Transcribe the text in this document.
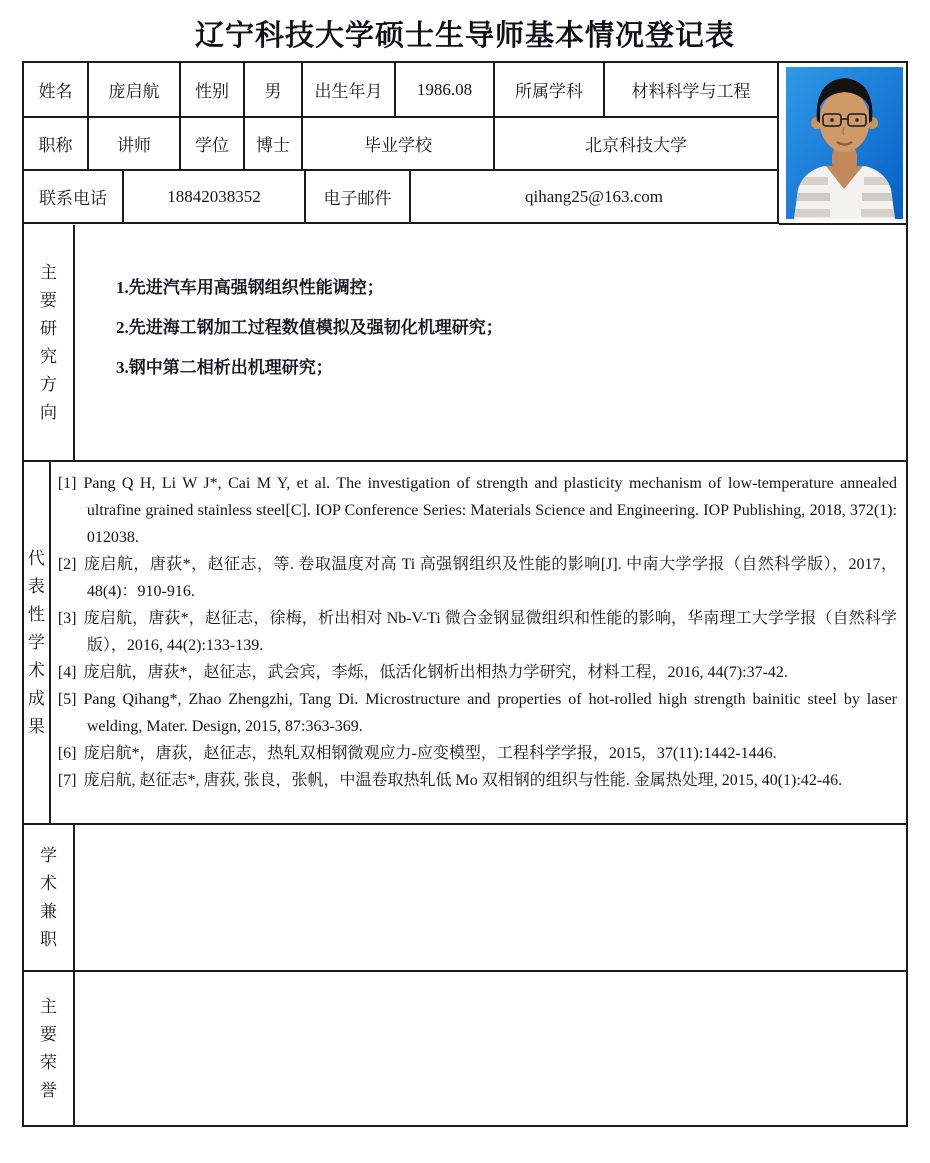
辽宁科技大学硕士生导师基本情况登记表
姓名	庞启航	性别	男	出生年月	1986.08	所属学科	材料科学与工程
职称	讲师	学位	博士	毕业学校	北京科技大学
联系电话	18842038352	电子邮件	qihang25@163.com
主要研究方向

1.先进汽车用高强钢组织性能调控；

2.先进海工钢加工过程数值模拟及强韧化机理研究；

3.钢中第二相析出机理研究；

代表性学术成果
[1] Pang Q H, Li W J*, Cai M Y, et al. The investigation of strength and plasticity mechanism of low-temperature annealed ultrafine grained stainless steel[C]. IOP Conference Series: Materials Science and Engineering. IOP Publishing, 2018, 372(1): 012038.
[2] 庞启航，唐荻*，赵征志，等. 卷取温度对高 Ti 高强钢组织及性能的影响[J]. 中南大学学报（自然科学版），2017，48(4)：910-916.
[3] 庞启航，唐荻*，赵征志，徐梅，析出相对 Nb-V-Ti 微合金钢显微组织和性能的影响，华南理工大学学报（自然科学版），2016, 44(2):133-139.
[4] 庞启航，唐荻*，赵征志，武会宾，李烁，低活化钢析出相热力学研究，材料工程，2016, 44(7):37-42.
[5] Pang Qihang*, Zhao Zhengzhi, Tang Di. Microstructure and properties of hot-rolled high strength bainitic steel by laser welding, Mater. Design, 2015, 87:363-369.
[6] 庞启航*，唐荻，赵征志，热轧双相钢微观应力-应变模型，工程科学学报，2015，37(11):1442-1446.
[7] 庞启航, 赵征志*, 唐荻, 张良，张帆，中温卷取热轧低 Mo 双相钢的组织与性能. 金属热处理, 2015, 40(1):42-46.
学术兼职
主要荣誉
